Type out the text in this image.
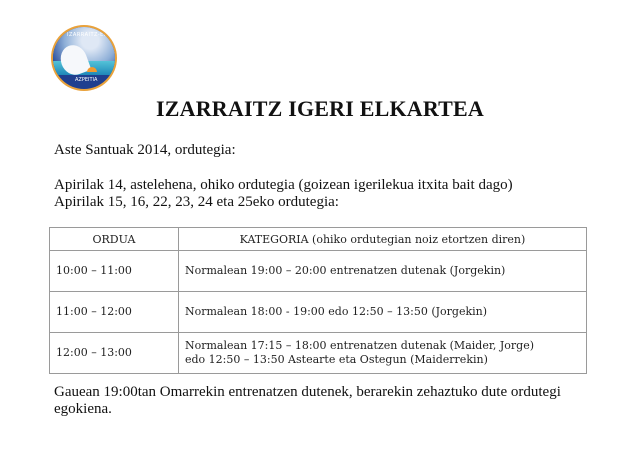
IZARRAITZ-EA
AZPEITIA
IZARRAITZ IGERI ELKARTEA
Aste Santuak 2014, ordutegia:
Apirilak 14, astelehena, ohiko ordutegia (goizean igerilekua itxita bait dago)
Apirilak 15, 16, 22, 23, 24 eta 25eko ordutegia:
ORDUA	KATEGORIA (ohiko ordutegian noiz etortzen diren)
10:00 – 11:00	Normalean 19:00 – 20:00 entrenatzen dutenak (Jorgekin)
11:00 – 12:00	Normalean 18:00 - 19:00 edo 12:50 – 13:50 (Jorgekin)
12:00 – 13:00	Normalean 17:15 – 18:00 entrenatzen dutenak (Maider, Jorge)
edo 12:50 – 13:50 Astearte eta Ostegun (Maiderrekin)
Gauean 19:00tan Omarrekin entrenatzen dutenek, berarekin zehaztuko dute ordutegi egokiena.
